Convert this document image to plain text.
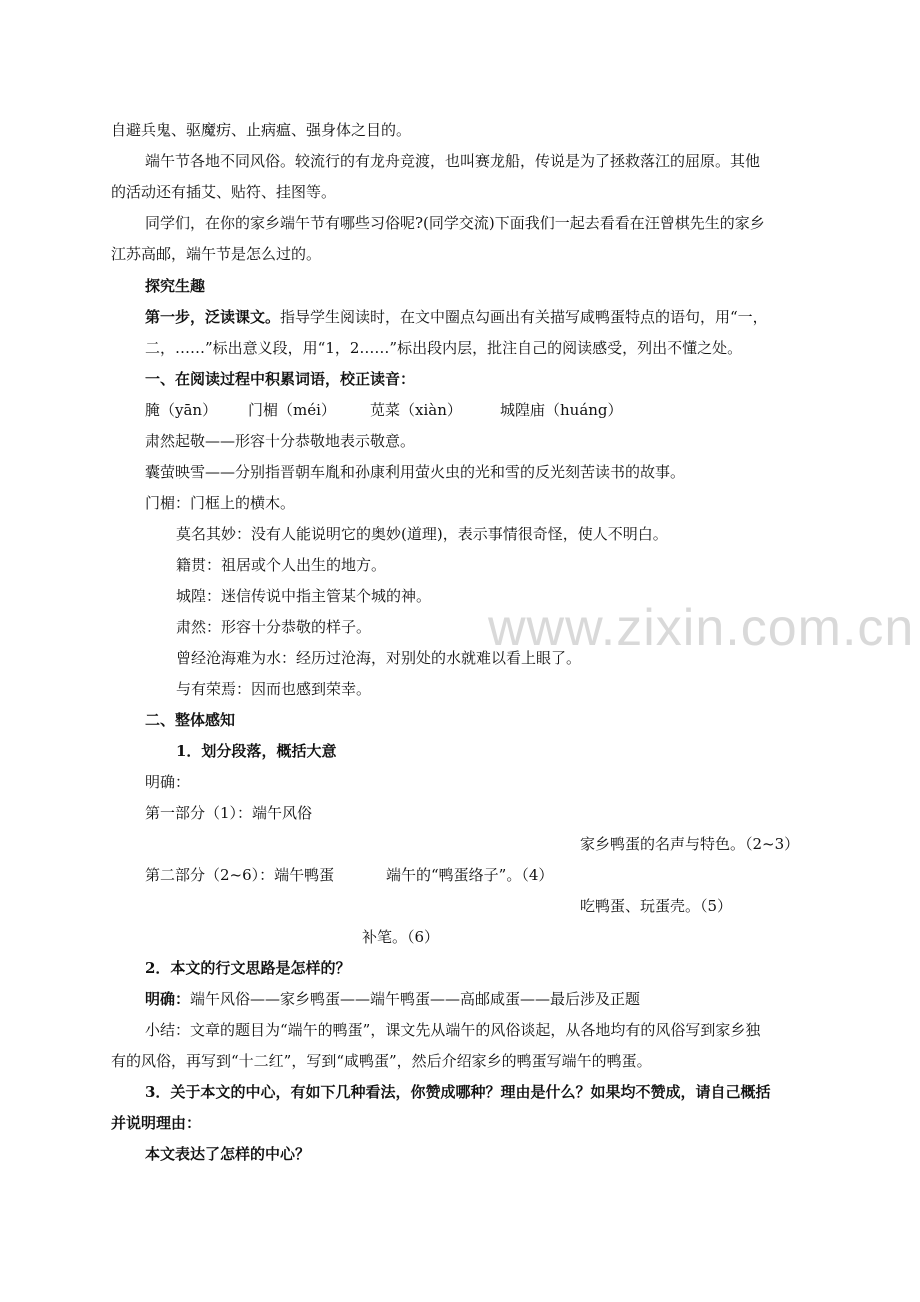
www.zixin.com.cn
自避兵鬼、驱魔疠、止病瘟、强身体之目的。
端午节各地不同风俗。较流行的有龙舟竞渡，也叫赛龙船，传说是为了拯救落江的屈原。其他
的活动还有插艾、贴符、挂图等。
同学们，在你的家乡端午节有哪些习俗呢?(同学交流)下面我们一起去看看在汪曾棋先生的家乡
江苏高邮，端午节是怎么过的。
探究生趣
第一步，泛读课文。指导学生阅读时，在文中圈点勾画出有关描写咸鸭蛋特点的语句，用“一，
二，……”标出意义段，用“1，2……”标出段内层，批注自己的阅读感受，列出不懂之处。
一、在阅读过程中积累词语，校正读音：
腌（yān） 门楣（méi） 苋菜（xiàn）	城隍庙（huáng）
肃然起敬——形容十分恭敬地表示敬意。
囊萤映雪——分别指晋朝车胤和孙康利用萤火虫的光和雪的反光刻苦读书的故事。
门楣：门框上的横木。
莫名其妙：没有人能说明它的奥妙(道理)，表示事情很奇怪，使人不明白。
籍贯：祖居或个人出生的地方。
城隍：迷信传说中指主管某个城的神。
肃然：形容十分恭敬的样子。
曾经沧海难为水：经历过沧海，对别处的水就难以看上眼了。
与有荣焉：因而也感到荣幸。
二、整体感知
1．划分段落，概括大意
明确：
第一部分（1）：端午风俗
家乡鸭蛋的名声与特色。（2~3）
第二部分（2~6）：端午鸭蛋	端午的“鸭蛋络子”。（4）
吃鸭蛋、玩蛋壳。（5）
补笔。（6）
2．本文的行文思路是怎样的？
明确：端午风俗——家乡鸭蛋——端午鸭蛋——高邮咸蛋——最后涉及正题
小结：文章的题目为“端午的鸭蛋”，课文先从端午的风俗谈起，从各地均有的风俗写到家乡独
有的风俗，再写到“十二红”，写到“咸鸭蛋”，然后介绍家乡的鸭蛋写端午的鸭蛋。
3．关于本文的中心，有如下几种看法，你赞成哪种？理由是什么？如果均不赞成，请自己概括
并说明理由：
本文表达了怎样的中心？
